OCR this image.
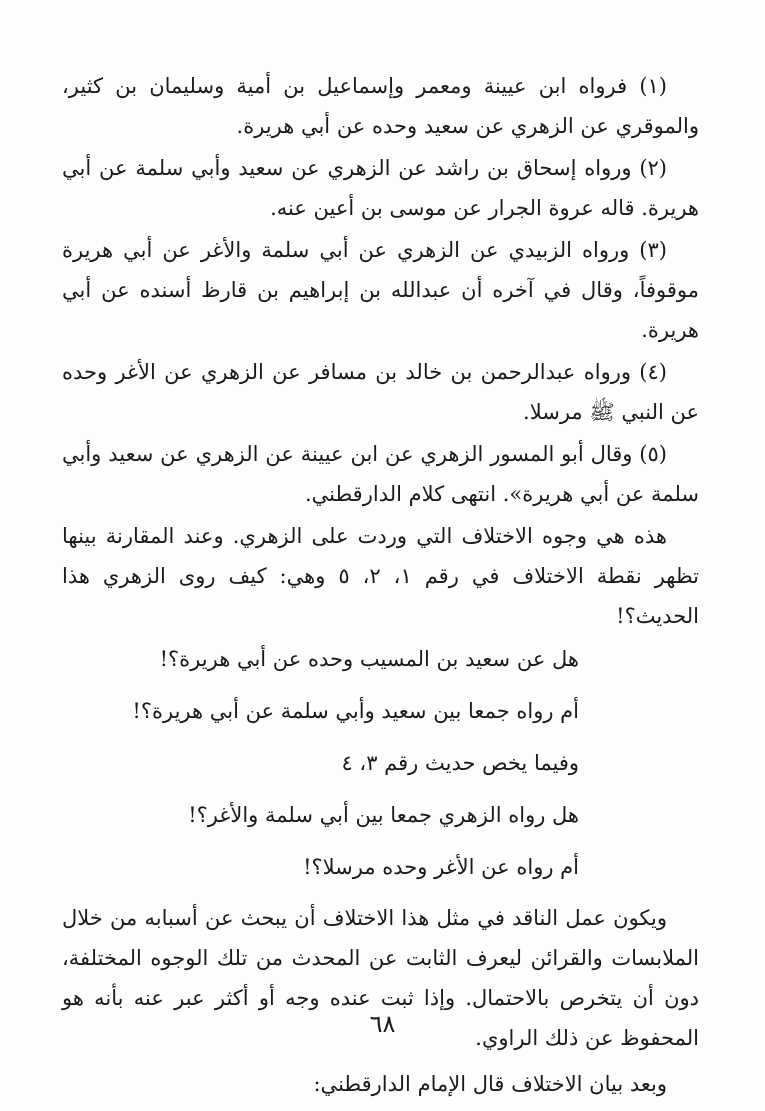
(١) فرواه ابن عيينة ومعمر وإسماعيل بن أمية وسليمان بن كثير، والموقري عن الزهري عن سعيد وحده عن أبي هريرة.

(٢) ورواه إسحاق بن راشد عن الزهري عن سعيد وأبي سلمة عن أبي هريرة. قاله عروة الجرار عن موسى بن أعين عنه.

(٣) ورواه الزبيدي عن الزهري عن أبي سلمة والأغر عن أبي هريرة موقوفاً، وقال في آخره أن عبدالله بن إبراهيم بن قارظ أسنده عن أبي هريرة.

(٤) ورواه عبدالرحمن بن خالد بن مسافر عن الزهري عن الأغر وحده عن النبي ﷺ مرسلا.

(٥) وقال أبو المسور الزهري عن ابن عيينة عن الزهري عن سعيد وأبي سلمة عن أبي هريرة». انتهى كلام الدارقطني.

هذه هي وجوه الاختلاف التي وردت على الزهري. وعند المقارنة بينها تظهر نقطة الاختلاف في رقم ١، ٢، ٥ وهي: كيف روى الزهري هذا الحديث؟!

هل عن سعيد بن المسيب وحده عن أبي هريرة؟!

أم رواه جمعا بين سعيد وأبي سلمة عن أبي هريرة؟!

وفيما يخص حديث رقم ٣، ٤

هل رواه الزهري جمعا بين أبي سلمة والأغر؟!

أم رواه عن الأغر وحده مرسلا؟!

ويكون عمل الناقد في مثل هذا الاختلاف أن يبحث عن أسبابه من خلال الملابسات والقرائن ليعرف الثابت عن المحدث من تلك الوجوه المختلفة، دون أن يتخرص بالاحتمال. وإذا ثبت عنده وجه أو أكثر عبر عنه بأنه هو المحفوظ عن ذلك الراوي.

وبعد بيان الاختلاف قال الإمام الدارقطني:

٦٨
